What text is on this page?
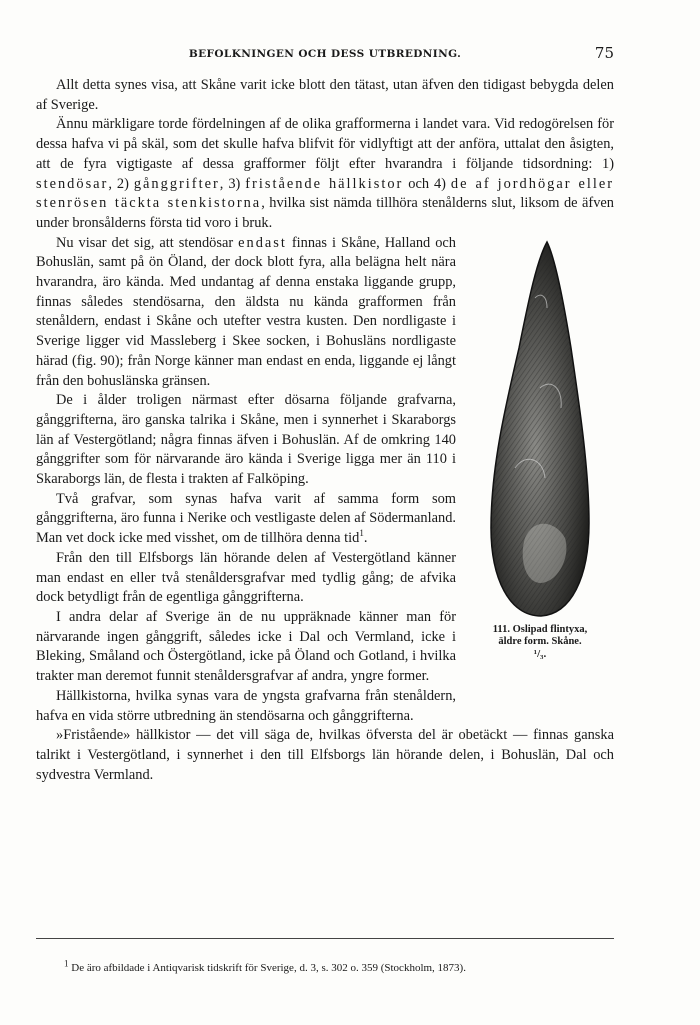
BEFOLKNINGEN OCH DESS UTBREDNING.	75

Allt detta synes visa, att Skåne varit icke blott den tätast, utan äfven den tidigast bebygda delen af Sverige.

Ännu märkligare torde fördelningen af de olika grafformerna i landet vara. Vid redogörelsen för dessa hafva vi på skäl, som det skulle hafva blifvit för vidlyftigt att der anföra, uttalat den åsigten, att de fyra vigtigaste af dessa grafformer följt efter hvarandra i följande tidsordning: 1) stendösar, 2) gånggrifter, 3) fristående hällkistor och 4) de af jordhögar eller stenrösen täckta stenkistorna, hvilka sist nämda tillhöra stenålderns slut, liksom de äfven under bronsålderns första tid voro i bruk.

111. Oslipad flintyxa,
äldre form. Skåne.
¹/₃.

Nu visar det sig, att stendösar endast finnas i Skåne, Halland och Bohuslän, samt på ön Öland, der dock blott fyra, alla belägna helt nära hvarandra, äro kända. Med undantag af denna enstaka liggande grupp, finnas således stendösarna, den äldsta nu kända grafformen från stenåldern, endast i Skåne och utefter vestra kusten. Den nordligaste i Sverige ligger vid Massleberg i Skee socken, i Bohusläns nordligaste härad (fig. 90); från Norge känner man endast en enda, liggande ej långt från den bohuslänska gränsen.

De i ålder troligen närmast efter dösarna följande grafvarna, gånggrifterna, äro ganska talrika i Skåne, men i synnerhet i Skaraborgs län af Vestergötland; några finnas äfven i Bohuslän. Af de omkring 140 gånggrifter som för närvarande äro kända i Sverige ligga mer än 110 i Skaraborgs län, de flesta i trakten af Falköping.

Två grafvar, som synas hafva varit af samma form som gånggrifterna, äro funna i Nerike och vestligaste delen af Södermanland. Man vet dock icke med visshet, om de tillhöra denna tid$^1$.

Från den till Elfsborgs län hörande delen af Vestergötland känner man endast en eller två stenåldersgrafvar med tydlig gång; de afvika dock betydligt från de egentliga gånggrifterna.

I andra delar af Sverige än de nu uppräknade känner man för närvarande ingen gånggrift, således icke i Dal och Vermland, icke i Bleking, Småland och Östergötland, icke på Öland och Gotland, i hvilka trakter man deremot funnit stenåldersgrafvar af andra, yngre former.

Hällkistorna, hvilka synas vara de yngsta grafvarna från stenåldern, hafva en vida större utbredning än stendösarna och gånggrifterna.

»Fristående» hällkistor — det vill säga de, hvilkas öfversta del är obetäckt — finnas ganska talrikt i Vestergötland, i synnerhet i den till Elfsborgs län hörande delen, i Bohuslän, Dal och sydvestra Vermland.

$^1$ De äro afbildade i Antiqvarisk tidskrift för Sverige, d. 3, s. 302 o. 359 (Stockholm, 1873).
